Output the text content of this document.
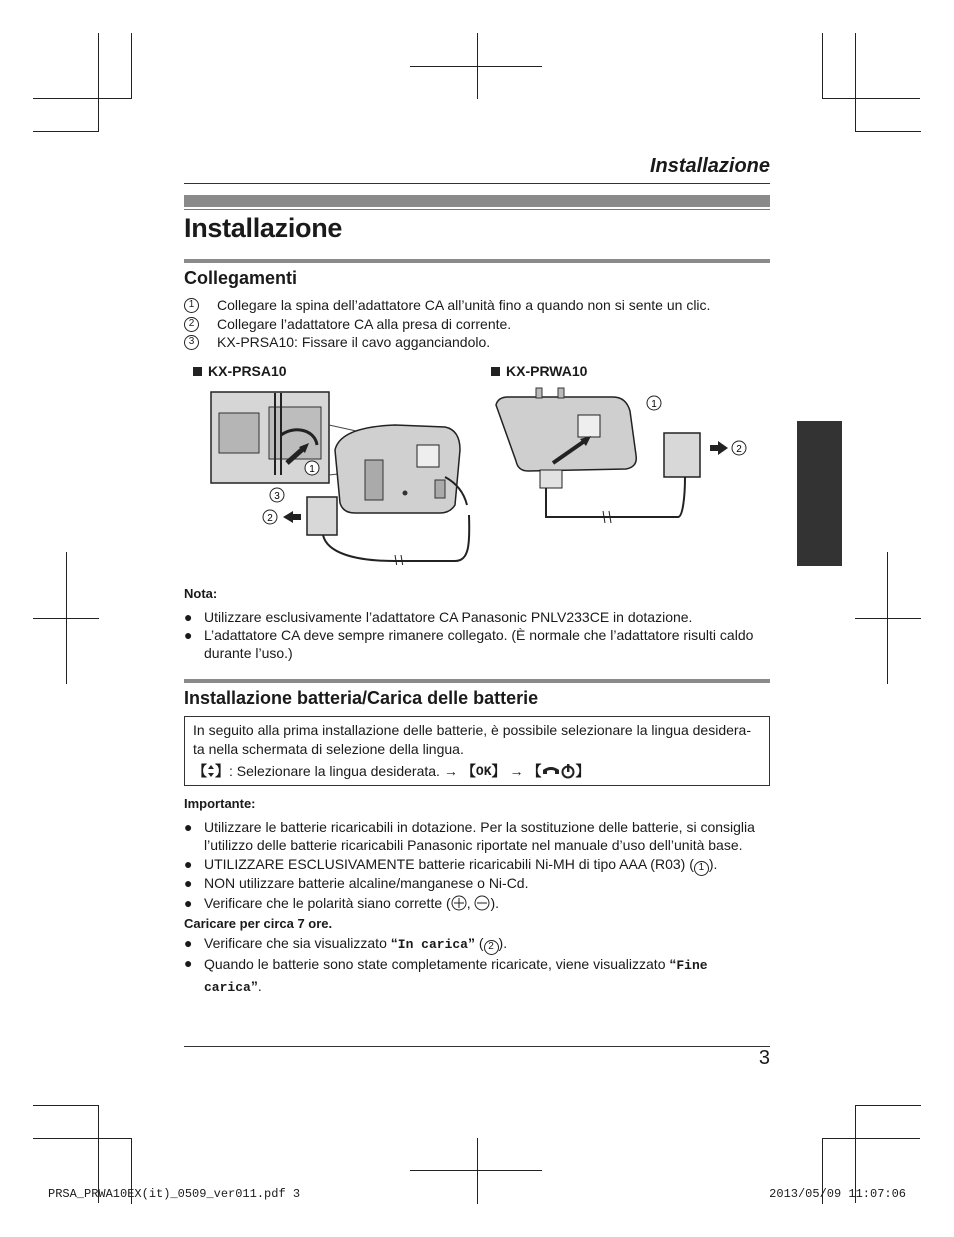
Installazione
Installazione
Collegamenti
1	Collegare la spina dell’adattatore CA all’unità fino a quando non si sente un clic.
2	Collegare l’adattatore CA alla presa di corrente.
3	KX-PRSA10: Fissare il cavo agganciandolo.
KX-PRSA10	KX-PRWA10
1
3
2
1
2
Nota:
● Utilizzare esclusivamente l’adattatore CA Panasonic PNLV233CE in dotazione.
● L’adattatore CA deve sempre rimanere collegato. (È normale che l’adattatore risulti caldo durante l’uso.)
Installazione batteria/Carica delle batterie
In seguito alla prima installazione delle batterie, è possibile selezionare la lingua desidera-
ta nella schermata di selezione della lingua.
【 】 : Selezionare la lingua desiderata. → 【 OK 】 → 【 】
Importante:
● Utilizzare le batterie ricaricabili in dotazione. Per la sostituzione delle batterie, si consiglia l’utilizzo delle batterie ricaricabili Panasonic riportate nel manuale d’uso dell’unità base.
● UTILIZZARE ESCLUSIVAMENTE batterie ricaricabili Ni-MH di tipo AAA (R03) ( 1 ).
● NON utilizzare batterie alcaline/manganese o Ni-Cd.
● Verificare che le polarità siano corrette ( , ).
Caricare per circa 7 ore.
● Verificare che sia visualizzato “In carica” ( 2 ).
● Quando le batterie sono state completamente ricaricate, viene visualizzato “Fine carica”.
3
PRSA_PRWA10EX(it)_0509_ver011.pdf 3	2013/05/09 11:07:06
